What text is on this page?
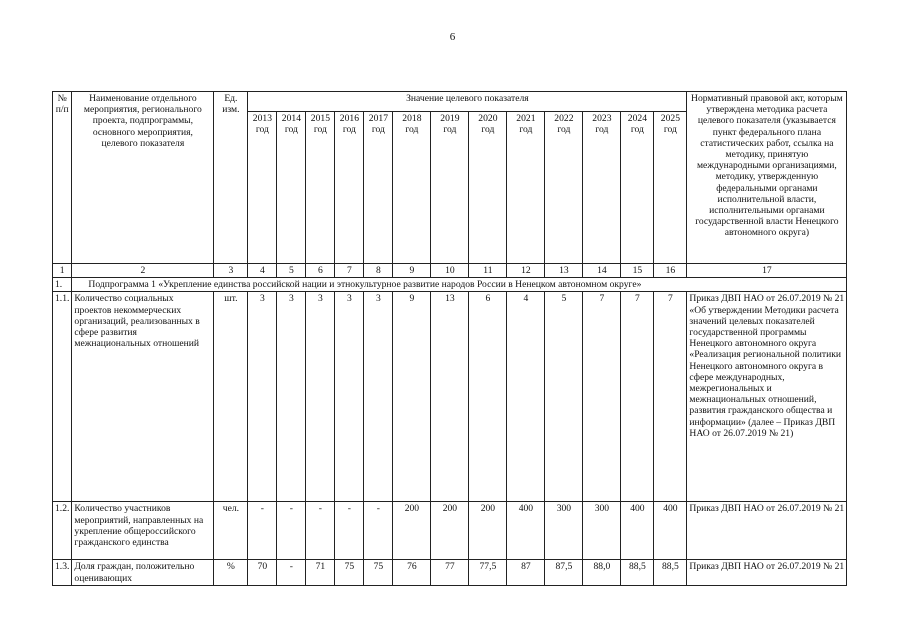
6
№ п/п	Наименование отдельного мероприятия, регионального проекта, подпрограммы, основного мероприятия, целевого показателя	Ед. изм.	Значение целевого показателя													Нормативный правовой акт, которым утверждена методика расчета целевого показателя (указывается пункт федерального плана статистических работ, ссылка на методику, принятую международными организациями, методику, утвержденную федеральными органами исполнительной власти, исполнительными органами государственной власти Ненецкого автономного округа)
			2013 год	2014 год	2015 год	2016 год	2017 год	2018 год	2019 год	2020 год	2021 год	2022 год	2023 год	2024 год	2025 год	
1	2	3	4	5	6	7	8	9	10	11	12	13	14	15	16	17
1.	Подпрограмма 1 «Укрепление единства российской нации и этнокультурное развитие народов России в Ненецком автономном округе»															
1.1.	Количество социальных проектов некоммерческих организаций, реализованных в сфере развития межнациональных отношений	шт.	3	3	3	3	3	9	13	6	4	5	7	7	7	Приказ ДВП НАО от 26.07.2019 № 21 «Об утверждении Методики расчета значений целевых показателей государственной программы Ненецкого автономного округа «Реализация региональной политики Ненецкого автономного округа в сфере международных, межрегиональных и межнациональных отношений, развития гражданского общества и информации» (далее – Приказ ДВП НАО от 26.07.2019 № 21)
1.2.	Количество участников мероприятий, направленных на укрепление общероссийского гражданского единства	чел.	-	-	-	-	-	200	200	200	400	300	300	400	400	Приказ ДВП НАО от 26.07.2019 № 21
1.3.	Доля граждан, положительно оценивающих	%	70	-	71	75	75	76	77	77,5	87	87,5	88,0	88,5	88,5	Приказ ДВП НАО от 26.07.2019 № 21
